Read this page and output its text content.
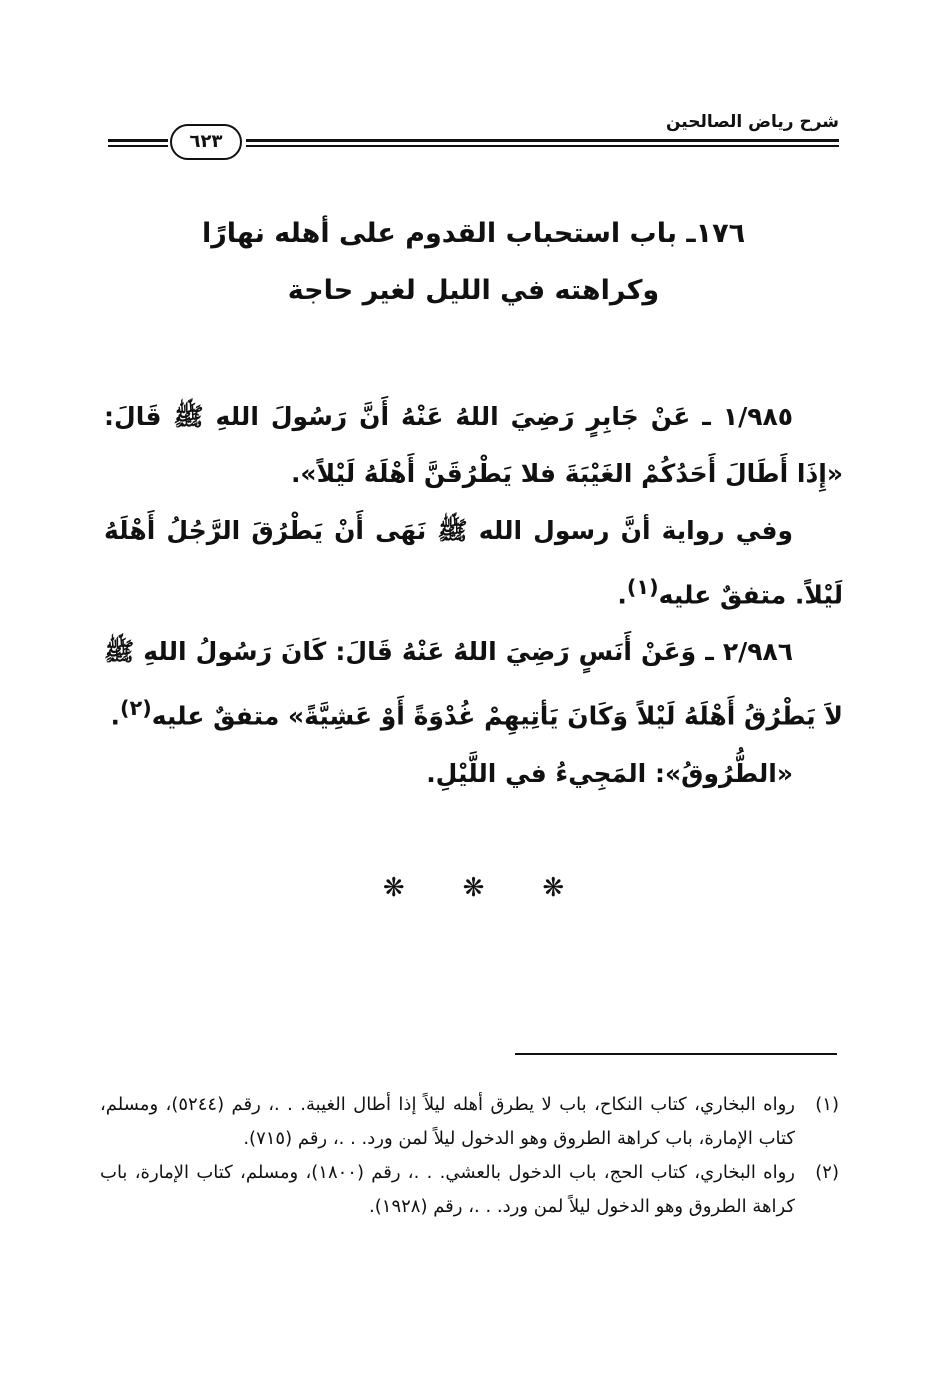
شرح رياض الصالحين
٦٢٣
١٧٦ـ باب استحباب القدوم على أهله نهارًا
وكراهته في الليل لغير حاجة

١/٩٨٥ ـ عَنْ جَابِرٍ رَضِيَ اللهُ عَنْهُ أَنَّ رَسُولَ اللهِ ﷺ قَالَ: «إِذَا أَطَالَ أَحَدُكُمْ الغَيْبَةَ فلا يَطْرُقَنَّ أَهْلَهُ لَيْلاً».

وفي رواية أنَّ رسول الله ﷺ نَهَى أَنْ يَطْرُقَ الرَّجُلُ أَهْلَهُ لَيْلاً. متفقٌ عليه$^{(١)}$.

٢/٩٨٦ ـ وَعَنْ أَنَسٍ رَضِيَ اللهُ عَنْهُ قَالَ: كَانَ رَسُولُ اللهِ ﷺ لاَ يَطْرُقُ أَهْلَهُ لَيْلاً وَكَانَ يَأتِيهِمْ غُدْوَةً أَوْ عَشِيَّةً» متفقٌ عليه$^{(٢)}$.

«الطُّرُوقُ»: المَجِيءُ في اللَّيْلِ.

❋❋❋
(١)
رواه البخاري، كتاب النكاح، باب لا يطرق أهله ليلاً إذا أطال الغيبة. . .، رقم (٥٢٤٤)، ومسلم، كتاب الإمارة، باب كراهة الطروق وهو الدخول ليلاً لمن ورد. . .، رقم (٧١٥).
(٢)
رواه البخاري، كتاب الحج، باب الدخول بالعشي. . .، رقم (١٨٠٠)، ومسلم، كتاب الإمارة، باب كراهة الطروق وهو الدخول ليلاً لمن ورد. . .، رقم (١٩٢٨).
